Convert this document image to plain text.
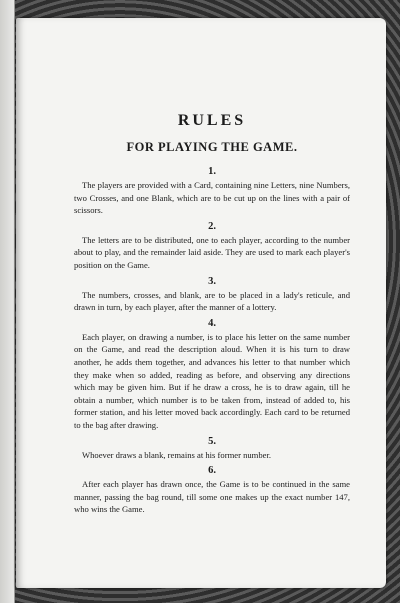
RULES
FOR PLAYING THE GAME.
1.

The players are provided with a Card, containing nine Letters, nine Numbers, two Crosses, and one Blank, which are to be cut up on the lines with a pair of scissors.

2.

The letters are to be distributed, one to each player, according to the number about to play, and the remainder laid aside. They are used to mark each player's position on the Game.

3.

The numbers, crosses, and blank, are to be placed in a lady's reticule, and drawn in turn, by each player, after the manner of a lottery.

4.

Each player, on drawing a number, is to place his letter on the same number on the Game, and read the description aloud. When it is his turn to draw another, he adds them together, and advances his letter to that number which they make when so added, reading as before, and observing any directions which may be given him. But if he draw a cross, he is to draw again, till he obtain a number, which number is to be taken from, instead of added to, his former station, and his letter moved back accordingly. Each card to be returned to the bag after drawing.

5.

Whoever draws a blank, remains at his former number.

6.

After each player has drawn once, the Game is to be continued in the same manner, passing the bag round, till some one makes up the exact number 147, who wins the Game.
